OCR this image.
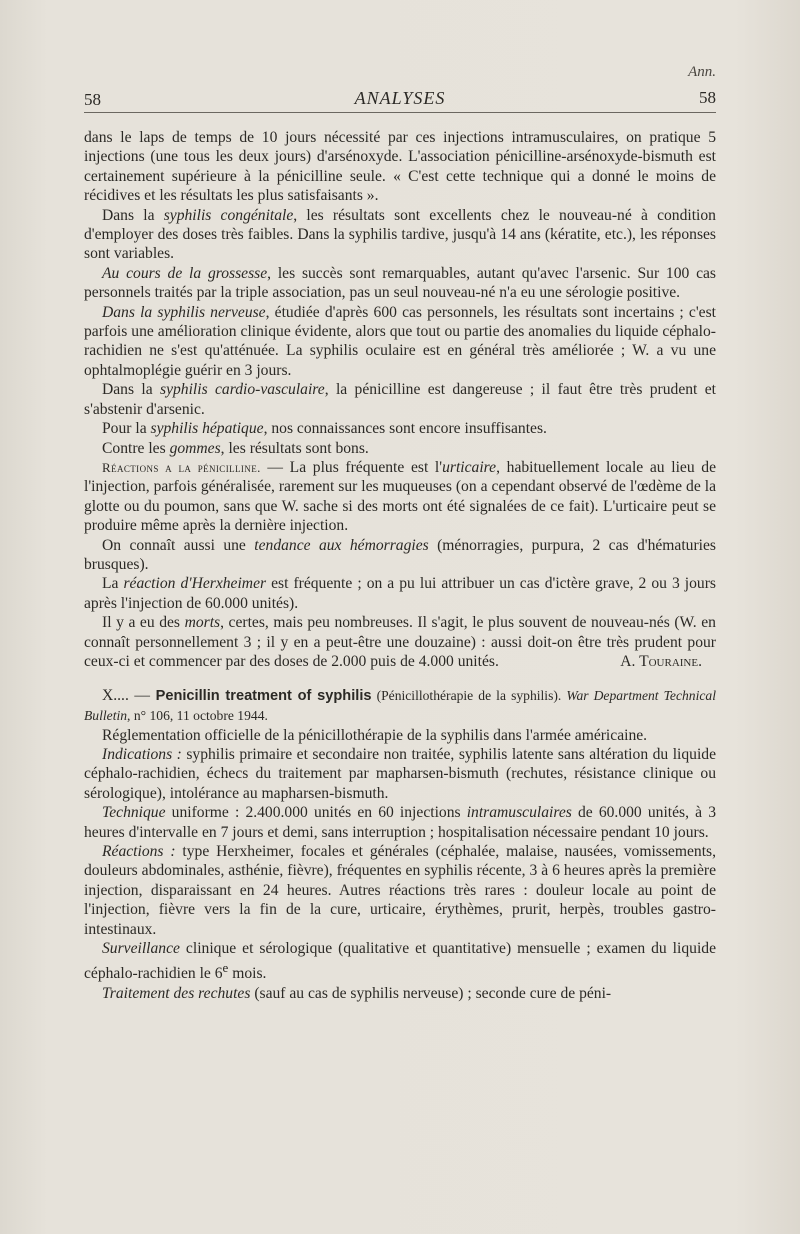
Ann.
58	ANALYSES	58

dans le laps de temps de 10 jours nécessité par ces injections intramusculaires, on pratique 5 injections (une tous les deux jours) d'arsénoxyde. L'association pénicilline-arsénoxyde-bismuth est certainement supérieure à la pénicilline seule. « C'est cette technique qui a donné le moins de récidives et les résultats les plus satisfaisants ».

Dans la syphilis congénitale, les résultats sont excellents chez le nouveau-né à condition d'employer des doses très faibles. Dans la syphilis tardive, jusqu'à 14 ans (kératite, etc.), les réponses sont variables.

Au cours de la grossesse, les succès sont remarquables, autant qu'avec l'arsenic. Sur 100 cas personnels traités par la triple association, pas un seul nouveau-né n'a eu une sérologie positive.

Dans la syphilis nerveuse, étudiée d'après 600 cas personnels, les résultats sont incertains ; c'est parfois une amélioration clinique évidente, alors que tout ou partie des anomalies du liquide céphalo-rachidien ne s'est qu'atténuée. La syphilis oculaire est en général très améliorée ; W. a vu une ophtalmoplégie guérir en 3 jours.

Dans la syphilis cardio-vasculaire, la pénicilline est dangereuse ; il faut être très prudent et s'abstenir d'arsenic.

Pour la syphilis hépatique, nos connaissances sont encore insuffisantes.

Contre les gommes, les résultats sont bons.

Réactions a la pénicilline. — La plus fréquente est l'urticaire, habituellement locale au lieu de l'injection, parfois généralisée, rarement sur les muqueuses (on a cependant observé de l'œdème de la glotte ou du poumon, sans que W. sache si des morts ont été signalées de ce fait). L'urticaire peut se produire même après la dernière injection.

On connaît aussi une tendance aux hémorragies (ménorragies, purpura, 2 cas d'hématuries brusques).

La réaction d'Herxheimer est fréquente ; on a pu lui attribuer un cas d'ictère grave, 2 ou 3 jours après l'injection de 60.000 unités).

Il y a eu des morts, certes, mais peu nombreuses. Il s'agit, le plus souvent de nouveau-nés (W. en connaît personnellement 3 ; il y en a peut-être une douzaine) : aussi doit-on être très prudent pour ceux-ci et commencer par des doses de 2.000 puis de 4.000 unités.	A. Touraine.

X.... — Penicillin treatment of syphilis (Pénicillothérapie de la syphilis). War Department Technical Bulletin, n° 106, 11 octobre 1944.

Réglementation officielle de la pénicillothérapie de la syphilis dans l'armée américaine.

Indications : syphilis primaire et secondaire non traitée, syphilis latente sans altération du liquide céphalo-rachidien, échecs du traitement par mapharsen-bismuth (rechutes, résistance clinique ou sérologique), intolérance au mapharsen-bismuth.

Technique uniforme : 2.400.000 unités en 60 injections intramusculaires de 60.000 unités, à 3 heures d'intervalle en 7 jours et demi, sans interruption ; hospitalisation nécessaire pendant 10 jours.

Réactions : type Herxheimer, focales et générales (céphalée, malaise, nausées, vomissements, douleurs abdominales, asthénie, fièvre), fréquentes en syphilis récente, 3 à 6 heures après la première injection, disparaissant en 24 heures. Autres réactions très rares : douleur locale au point de l'injection, fièvre vers la fin de la cure, urticaire, érythèmes, prurit, herpès, troubles gastro-intestinaux.

Surveillance clinique et sérologique (qualitative et quantitative) mensuelle ; examen du liquide céphalo-rachidien le 6e mois.

Traitement des rechutes (sauf au cas de syphilis nerveuse) ; seconde cure de péni-
